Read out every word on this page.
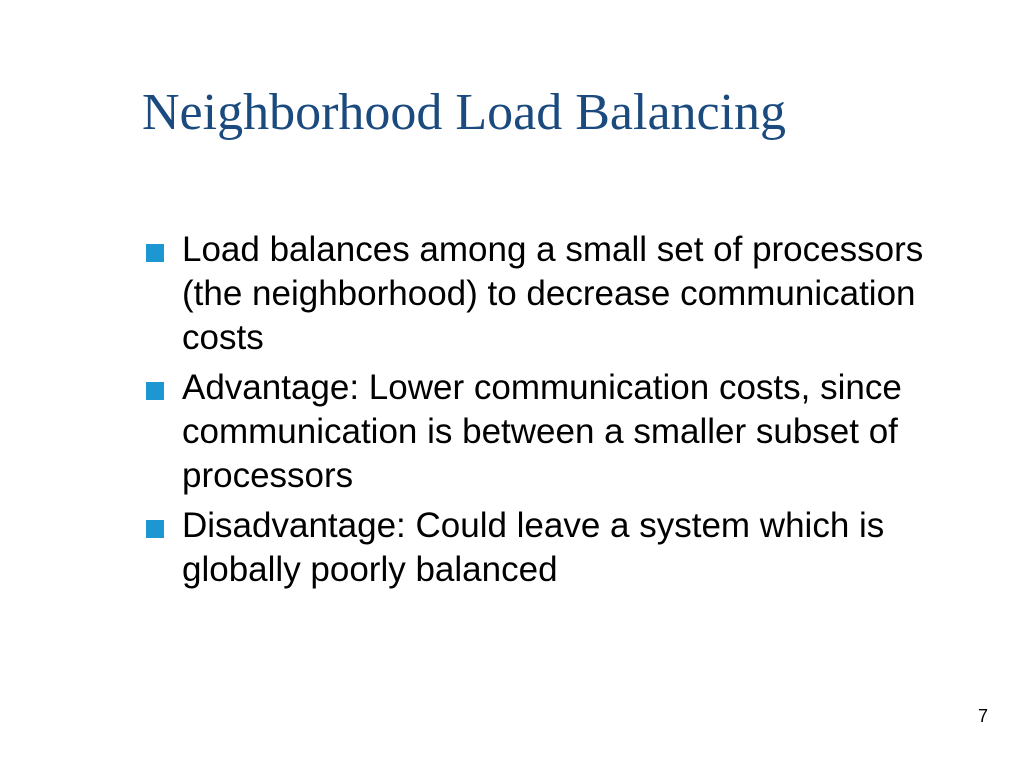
Neighborhood Load Balancing
Load balances among a small set of processors (the neighborhood) to decrease communication costs
Advantage: Lower communication costs, since communication is between a smaller subset of processors
Disadvantage: Could leave a system which is globally poorly balanced
7
